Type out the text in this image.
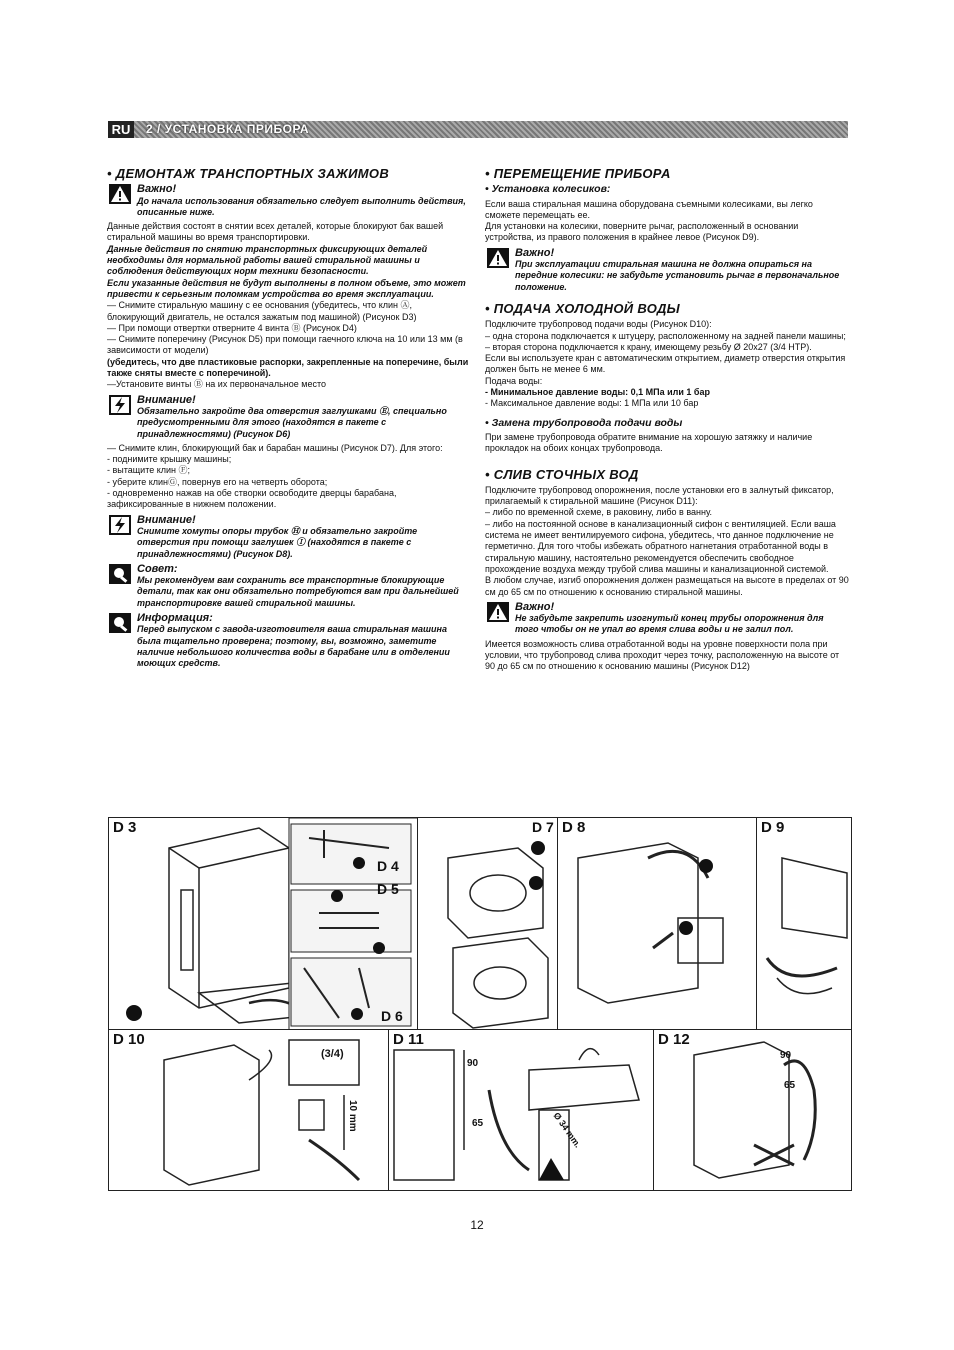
RU	2 / УСТАНОВКА ПРИБОРА
• ДЕМОНТАЖ ТРАНСПОРТНЫХ ЗАЖИМОВ
Важно!
До начала использования обязательно следует выполнить действия, описанные ниже.

Данные действия состоят в снятии всех деталей, которые блокируют бак вашей стиральной машины во время транспортировки.

Данные действия по снятию транспортных фиксирующих деталей необходимы для нормальной работы вашей стиральной машины и соблюдения действующих норм техники безопасности.

Если указанные действия не будут выполнены в полном объеме, это может привести к серьезным поломкам устройства во время эксплуатации.

— Снимите стиральную машину с ее основания (убедитесь, что клин Ⓐ, блокирующий двигатель, не остался зажатым под машиной) (Рисунок D3)

— При помощи отвертки отверните 4 винта Ⓑ (Рисунок D4)

— Снимите поперечину (Рисунок D5) при помощи гаечного ключа на 10 или 13 мм (в зависимости от модели)

(убедитесь, что две пластиковые распорки, закрепленные на поперечине, были также сняты вместе с поперечиной).

—Установите винты Ⓑ на их первоначальное место

Внимание!
Обязательно закройте два отверстия заглушками Ⓔ, специально предусмотренными для этого (находятся в пакете с принадлежностями) (Рисунок D6)

— Снимите клин, блокирующий бак и барабан машины (Рисунок D7). Для этого:

- поднимите крышку машины;

- вытащите клин Ⓕ;

- уберите клинⒼ, повернув его на четверть оборота;

- одновременно нажав на обе створки освободите дверцы барабана, зафиксированные в нижнем положении.

Внимание!
Снимите хомуты опоры трубок Ⓗ и обязательно закройте отверстия при помощи заглушек Ⓘ (находятся в пакете с принадлежностями) (Рисунок D8).
Совет:
Мы рекомендуем вам сохранить все транспортные блокирующие детали, так как они обязательно потребуются вам при дальнейшей транспортировке вашей стиральной машины.
Информация:
Перед выпуском с завода-изготовителя ваша стиральная машина была тщательно проверена; поэтому, вы, возможно, заметите наличие небольшого количества воды в барабане или в отделении моющих средств.
• ПЕРЕМЕЩЕНИЕ ПРИБОРА
• Установка колесиков:

Если ваша стиральная машина оборудована съемными колесиками, вы легко сможете перемещать ее.

Для установки на колесики, поверните рычаг, расположенный в основании устройства, из правого положения в крайнее левое (Рисунок D9).

Важно!
При эксплуатации стиральная машина не должна опираться на передние колесики: не забудьте установить рычаг в первоначальное положение.
• ПОДАЧА ХОЛОДНОЙ ВОДЫ

Подключите трубопровод подачи воды (Рисунок D10):

– одна сторона подключается к штуцеру, расположенному на задней панели машины;

– вторая сторона подключается к крану, имеющему резьбу Ø 20x27 (3/4 НТР).

Если вы используете кран с автоматическим открытием, диаметр отверстия открытия должен быть не менее 6 мм.

Подача воды:

- Минимальное давление воды: 0,1 МПа или 1 бар

- Максимальное давление воды: 1 МПа или 10 бар

• Замена трубопровода подачи воды

При замене трубопровода обратите внимание на хорошую затяжку и наличие прокладок на обоих концах трубопровода.

• СЛИВ СТОЧНЫХ ВОД

Подключите трубопровод опорожнения, после установки его в залнутый фиксатор, прилагаемый к стиральной машине (Рисунок D11):

– либо по временной схеме, в раковину, либо в ванну.

– либо на постоянной основе в канализационный сифон с вентиляцией. Если ваша система не имеет вентилируемого сифона, убедитесь, что данное подключение не герметично. Для того чтобы избежать обратного нагнетания отработанной воды в стиральную машину, настоятельно рекомендуется обеспечить свободное прохождение воздуха между трубой слива машины и канализационной системой.

В любом случае, изгиб опорожнения должен размещаться на высоте в пределах от 90 см до 65 см по отношению к основанию стиральной машины.

Важно!
Не забудьте закрепить изогнутый конец трубы опорожнения для того чтобы он не упал во время слива воды и не залил пол.

Имеется возможность слива отработанной воды на уровне поверхности пола при условии, что трубопровод слива проходит через точку, расположенную на высоте от 90 до 65 см по отношению к основанию машины (Рисунок D12)

D 3
D 4
D 5
D 6
D 7 D 8	D 9
D 10
(3/4)
10 mm
D 11
90
65	Ø 34 mm.
D 12
90
65
12
